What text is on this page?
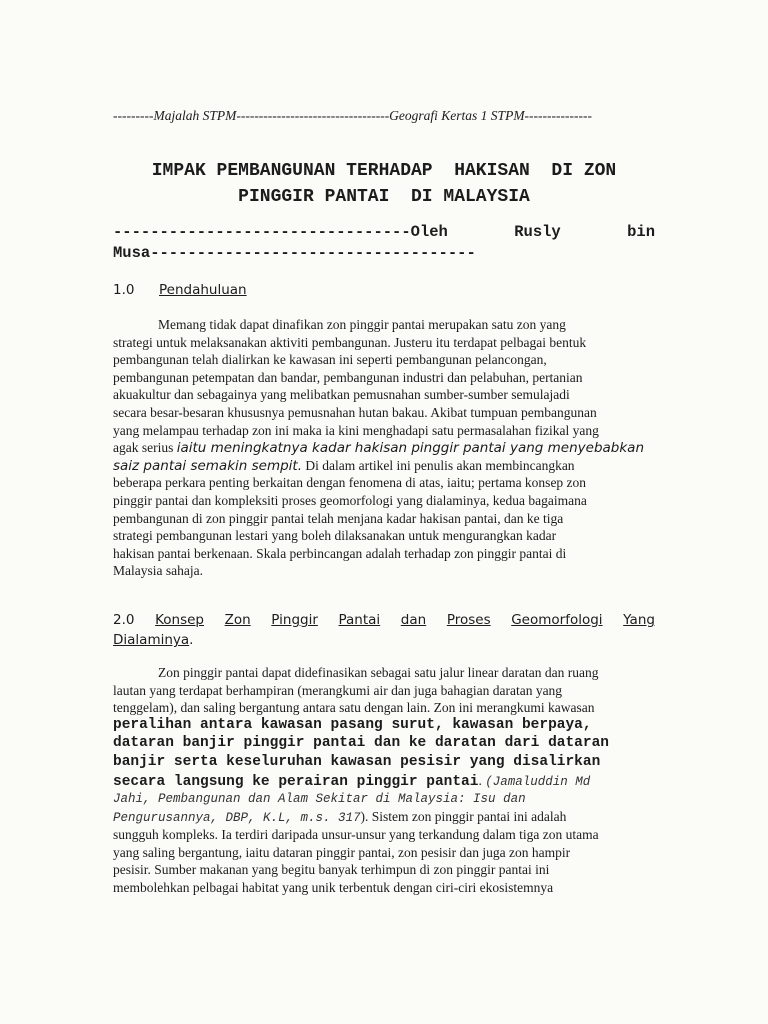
---------Majalah STPM----------------------------------Geografi Kertas 1 STPM---------------
IMPAK PEMBANGUNAN TERHADAP  HAKISAN  DI ZON
PINGGIR PANTAI  DI MALAYSIA
--------------------------------Oleh	Rusly	bin
Musa-----------------------------------
1.0 Pendahuluan
Memang tidak dapat dinafikan zon pinggir pantai merupakan satu zon yang
strategi untuk melaksanakan aktiviti pembangunan. Justeru itu terdapat pelbagai bentuk
pembangunan telah dialirkan ke kawasan ini seperti pembangunan pelancongan,
pembangunan petempatan dan bandar, pembangunan industri dan pelabuhan, pertanian
akuakultur dan sebagainya yang melibatkan pemusnahan sumber-sumber semulajadi
secara besar-besaran khususnya pemusnahan hutan bakau. Akibat tumpuan pembangunan
yang melampau terhadap zon ini maka ia kini menghadapi satu permasalahan fizikal yang
agak serius iaitu meningkatnya kadar hakisan pinggir pantai yang menyebabkan
saiz pantai semakin sempit. Di dalam artikel ini penulis akan membincangkan
beberapa perkara penting berkaitan dengan fenomena di atas, iaitu; pertama konsep zon
pinggir pantai dan kompleksiti proses geomorfologi yang dialaminya, kedua bagaimana
pembangunan di zon pinggir pantai telah menjana kadar hakisan pantai, dan ke tiga
strategi pembangunan lestari yang boleh dilaksanakan untuk mengurangkan kadar
hakisan pantai berkenaan. Skala perbincangan adalah terhadap zon pinggir pantai di
Malaysia sahaja.
2.0 Konsep Zon Pinggir Pantai dan Proses Geomorfologi Yang
Dialaminya.
Zon pinggir pantai dapat didefinasikan sebagai satu jalur linear daratan dan ruang
lautan yang terdapat berhampiran (merangkumi air dan juga bahagian daratan yang
tenggelam), dan saling bergantung antara satu dengan lain. Zon ini merangkumi kawasan
peralihan antara kawasan pasang surut, kawasan berpaya,
dataran banjir pinggir pantai dan ke daratan dari dataran
banjir serta keseluruhan kawasan pesisir yang disalirkan
secara langsung ke perairan pinggir pantai. (Jamaluddin Md
Jahi, Pembangunan dan Alam Sekitar di Malaysia: Isu dan
Pengurusannya, DBP, K.L, m.s. 317). Sistem zon pinggir pantai ini adalah
sungguh kompleks. Ia terdiri daripada unsur-unsur yang terkandung dalam tiga zon utama
yang saling bergantung, iaitu dataran pinggir pantai, zon pesisir dan juga zon hampir
pesisir. Sumber makanan yang begitu banyak terhimpun di zon pinggir pantai ini
membolehkan pelbagai habitat yang unik terbentuk dengan ciri-ciri ekosistemnya
